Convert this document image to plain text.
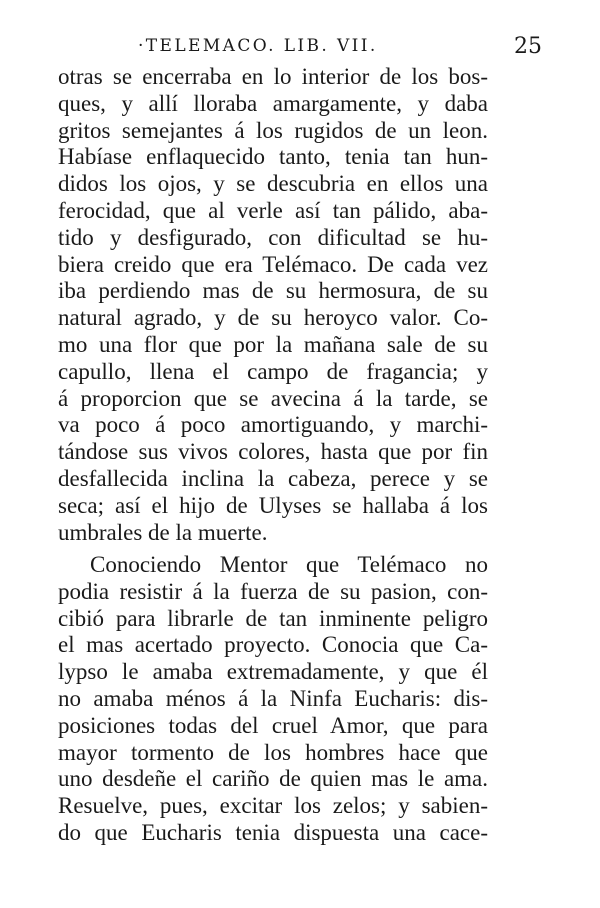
·TELEMACO. LIB. VII.	25
otras se encerraba en lo interior de los bos-
ques, y allí lloraba amargamente, y daba
gritos semejantes á los rugidos de un leon.
Habíase enflaquecido tanto, tenia tan hun-
didos los ojos, y se descubria en ellos una
ferocidad, que al verle así tan pálido, aba-
tido y desfigurado, con dificultad se hu-
biera creido que era Telémaco. De cada vez
iba perdiendo mas de su hermosura, de su
natural agrado, y de su heroyco valor. Co-
mo una flor que por la mañana sale de su
capullo, llena el campo de fragancia; y
á proporcion que se avecina á la tarde, se
va poco á poco amortiguando, y marchi-
tándose sus vivos colores, hasta que por fin
desfallecida inclina la cabeza, perece y se
seca; así el hijo de Ulyses se hallaba á los
umbrales de la muerte.
Conociendo Mentor que Telémaco no
podia resistir á la fuerza de su pasion, con-
cibió para librarle de tan inminente peligro
el mas acertado proyecto. Conocia que Ca-
lypso le amaba extremadamente, y que él
no amaba ménos á la Ninfa Eucharis: dis-
posiciones todas del cruel Amor, que para
mayor tormento de los hombres hace que
uno desdeñe el cariño de quien mas le ama.
Resuelve, pues, excitar los zelos; y sabien-
do que Eucharis tenia dispuesta una cace-
